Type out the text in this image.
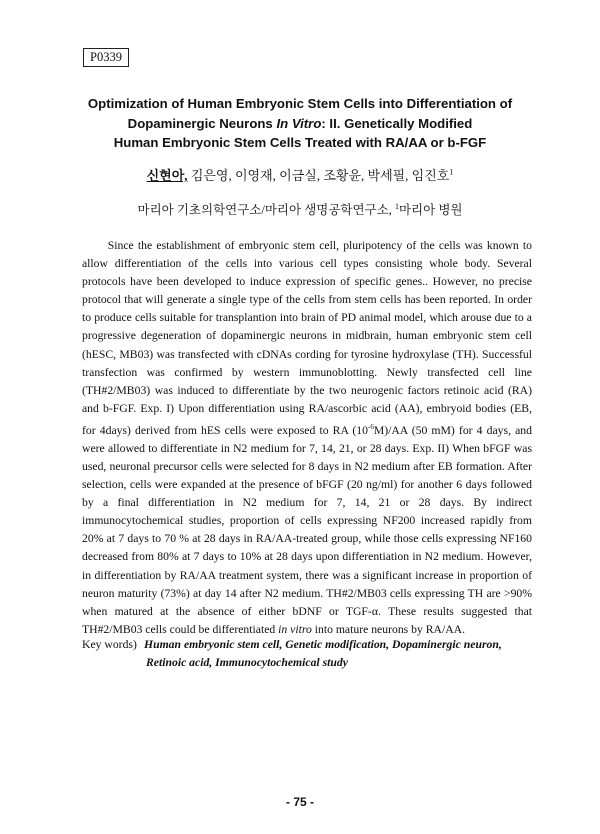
P0339
Optimization of Human Embryonic Stem Cells into Differentiation of
Dopaminergic Neurons In Vitro: II. Genetically Modified
Human Embryonic Stem Cells Treated with RA/AA or b-FGF
신현아, 김은영, 이영재, 이금실, 조황윤, 박세필, 임진호$^1$
마리아 기초의학연구소/마리아 생명공학연구소, $^1$마리아 병원
Since the establishment of embryonic stem cell, pluripotency of the cells was known to allow differentiation of the cells into various cell types consisting whole body. Several protocols have been developed to induce expression of specific genes.. However, no precise protocol that will generate a single type of the cells from stem cells has been reported. In order to produce cells suitable for transplantion into brain of PD animal model, which arouse due to a progressive degeneration of dopaminergic neurons in midbrain, human embryonic stem cell (hESC, MB03) was transfected with cDNAs cording for tyrosine hydroxylase (TH). Successful transfection was confirmed by western immunoblotting. Newly transfected cell line (TH#2/MB03) was induced to differentiate by the two neurogenic factors retinoic acid (RA) and b-FGF. Exp. I) Upon differentiation using RA/ascorbic acid (AA), embryoid bodies (EB, for 4days) derived from hES cells were exposed to RA $(10^{-6}M)/AA$ (50 mM) for 4 days, and were allowed to differentiate in N2 medium for 7, 14, 21, or 28 days. Exp. II) When bFGF was used, neuronal precursor cells were selected for 8 days in N2 medium after EB formation. After selection, cells were expanded at the presence of bFGF (20 ng/ml) for another 6 days followed by a final differentiation in N2 medium for 7, 14, 21 or 28 days. By indirect immunocytochemical studies, proportion of cells expressing NF200 increased rapidly from 20% at 7 days to 70 % at 28 days in RA/AA-treated group, while those cells expressing NF160 decreased from 80% at 7 days to 10% at 28 days upon differentiation in N2 medium. However, in differentiation by RA/AA treatment system, there was a significant increase in proportion of neuron maturity (73%) at day 14 after N2 medium. TH#2/MB03 cells expressing TH are >90% when matured at the absence of either bDNF or TGF-α. These results suggested that TH#2/MB03 cells could be differentiated in vitro into mature neurons by RA/AA.
Key words) Human embryonic stem cell, Genetic modification, Dopaminergic neuron,
Retinoic acid, Immunocytochemical study
- 75 -
